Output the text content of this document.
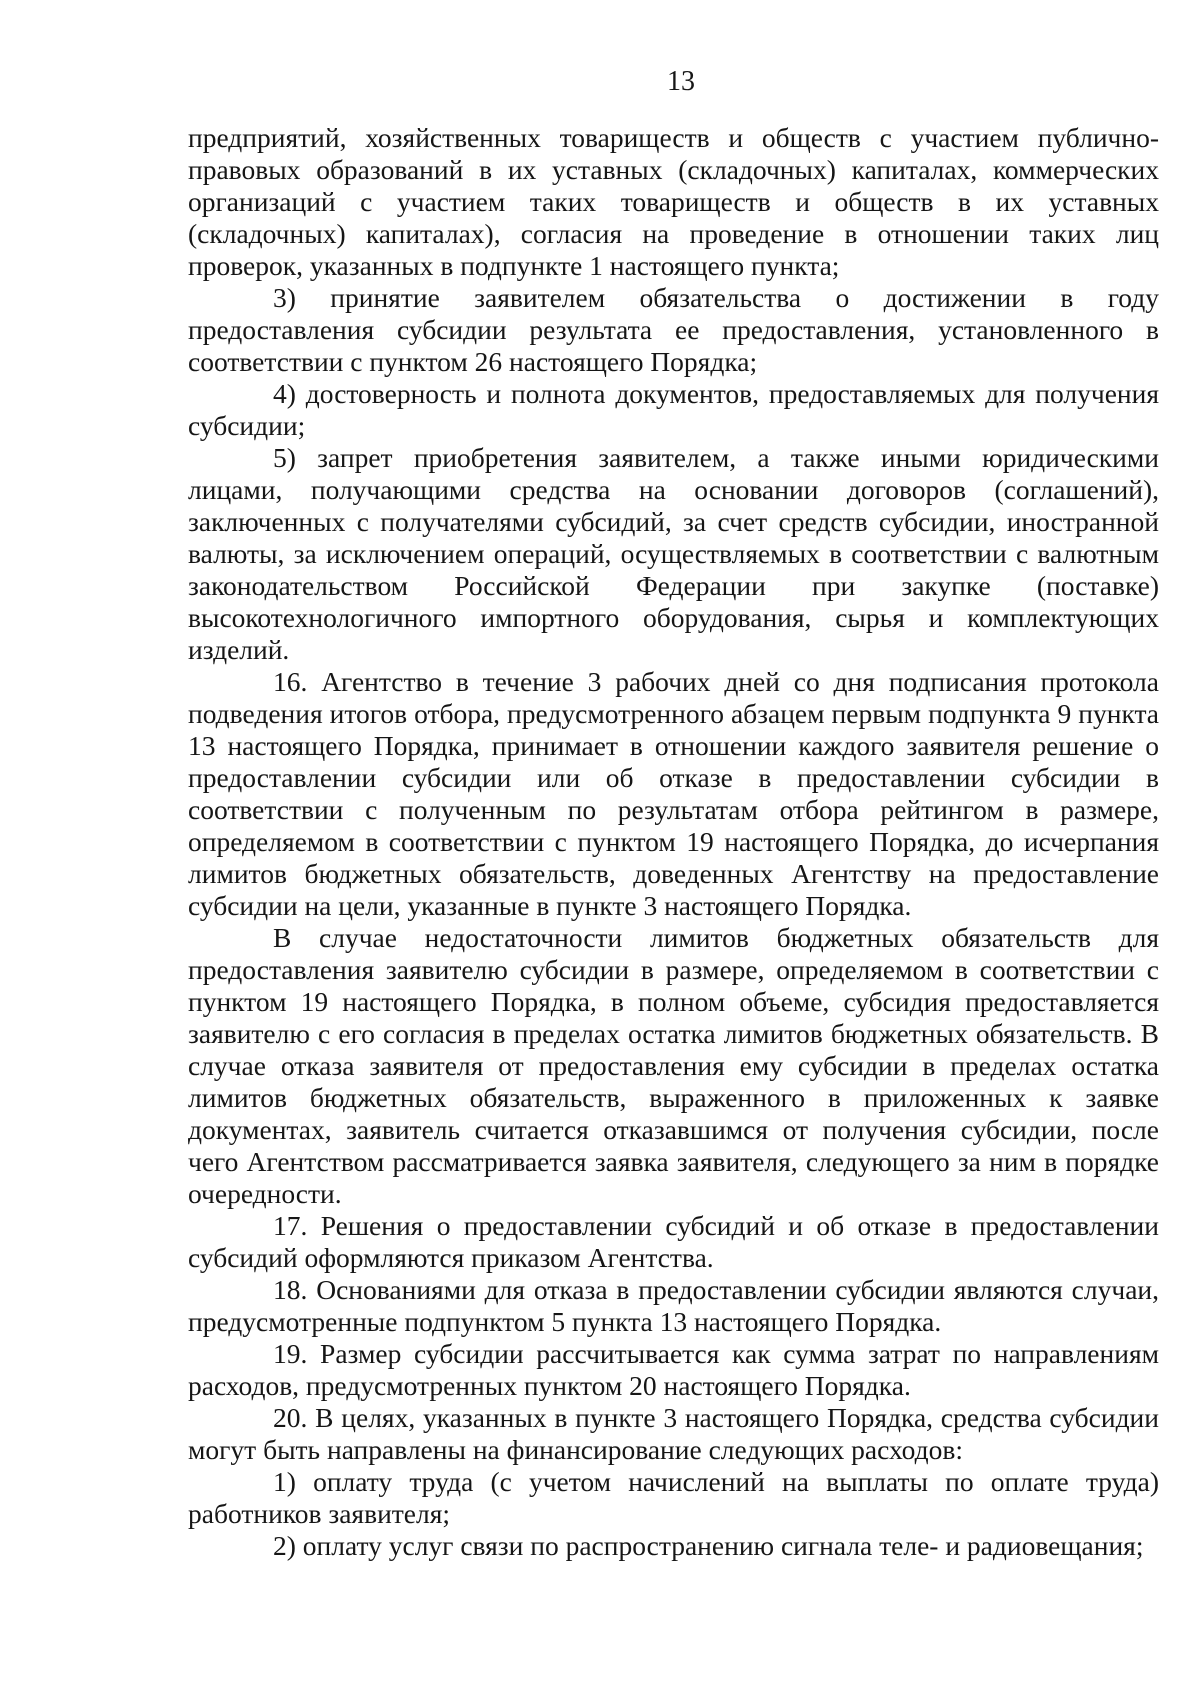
13

предприятий, хозяйственных товариществ и обществ с участием публично-правовых образований в их уставных (складочных) капиталах, коммерческих организаций с участием таких товариществ и обществ в их уставных (складочных) капиталах), согласия на проведение в отношении таких лиц проверок, указанных в подпункте 1 настоящего пункта;

3) принятие заявителем обязательства о достижении в году предоставления субсидии результата ее предоставления, установленного в соответствии с пунктом 26 настоящего Порядка;

4) достоверность и полнота документов, предоставляемых для получения субсидии;

5) запрет приобретения заявителем, а также иными юридическими лицами, получающими средства на основании договоров (соглашений), заключенных с получателями субсидий, за счет средств субсидии, иностранной валюты, за исключением операций, осуществляемых в соответствии с валютным законодательством Российской Федерации при закупке (поставке) высокотехнологичного импортного оборудования, сырья и комплектующих изделий.

16. Агентство в течение 3 рабочих дней со дня подписания протокола подведения итогов отбора, предусмотренного абзацем первым подпункта 9 пункта 13 настоящего Порядка, принимает в отношении каждого заявителя решение о предоставлении субсидии или об отказе в предоставлении субсидии в соответствии с полученным по результатам отбора рейтингом в размере, определяемом в соответствии с пунктом 19 настоящего Порядка, до исчерпания лимитов бюджетных обязательств, доведенных Агентству на предоставление субсидии на цели, указанные в пункте 3 настоящего Порядка.

В случае недостаточности лимитов бюджетных обязательств для предоставления заявителю субсидии в размере, определяемом в соответствии с пунктом 19 настоящего Порядка, в полном объеме, субсидия предоставляется заявителю с его согласия в пределах остатка лимитов бюджетных обязательств. В случае отказа заявителя от предоставления ему субсидии в пределах остатка лимитов бюджетных обязательств, выраженного в приложенных к заявке документах, заявитель считается отказавшимся от получения субсидии, после чего Агентством рассматривается заявка заявителя, следующего за ним в порядке очередности.

17. Решения о предоставлении субсидий и об отказе в предоставлении субсидий оформляются приказом Агентства.

18. Основаниями для отказа в предоставлении субсидии являются случаи, предусмотренные подпунктом 5 пункта 13 настоящего Порядка.

19. Размер субсидии рассчитывается как сумма затрат по направлениям расходов, предусмотренных пунктом 20 настоящего Порядка.

20. В целях, указанных в пункте 3 настоящего Порядка, средства субсидии могут быть направлены на финансирование следующих расходов:

1) оплату труда (с учетом начислений на выплаты по оплате труда) работников заявителя;

2) оплату услуг связи по распространению сигнала теле- и радиовещания;
